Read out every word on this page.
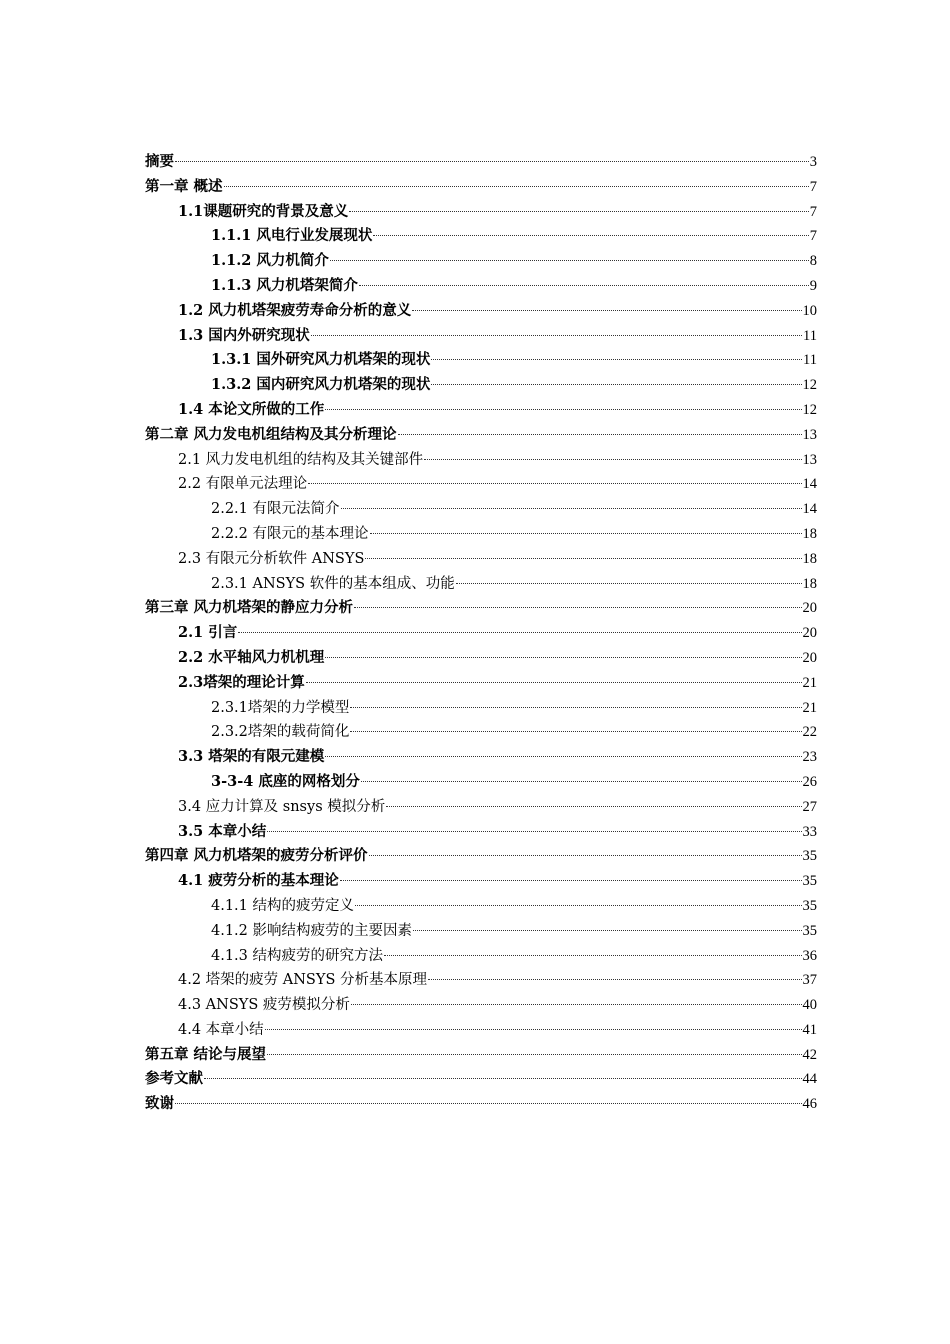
摘要	3
第一章 概述	7
1.1课题研究的背景及意义	7
1.1.1 风电行业发展现状	7
1.1.2 风力机简介	8
1.1.3 风力机塔架简介	9
1.2 风力机塔架疲劳寿命分析的意义	10
1.3 国内外研究现状	11
1.3.1 国外研究风力机塔架的现状	11
1.3.2 国内研究风力机塔架的现状	12
1.4 本论文所做的工作	12
第二章 风力发电机组结构及其分析理论	13
2.1 风力发电机组的结构及其关键部件	13
2.2 有限单元法理论	14
2.2.1 有限元法简介	14
2.2.2 有限元的基本理论	18
2.3 有限元分析软件 ANSYS	18
2.3.1 ANSYS 软件的基本组成、功能	18
第三章 风力机塔架的静应力分析	20
2.1 引言	20
2.2 水平轴风力机机理	20
2.3塔架的理论计算	21
2.3.1塔架的力学模型	21
2.3.2塔架的载荷简化	22
3.3 塔架的有限元建模	23
3-3-4 底座的网格划分	26
3.4 应力计算及 snsys 模拟分析	27
3.5 本章小结	33
第四章 风力机塔架的疲劳分析评价	35
4.1 疲劳分析的基本理论	35
4.1.1 结构的疲劳定义	35
4.1.2 影响结构疲劳的主要因素	35
4.1.3 结构疲劳的研究方法	36
4.2 塔架的疲劳 ANSYS 分析基本原理	37
4.3 ANSYS 疲劳模拟分析	40
4.4 本章小结	41
第五章 结论与展望	42
参考文献	44
致谢	46
